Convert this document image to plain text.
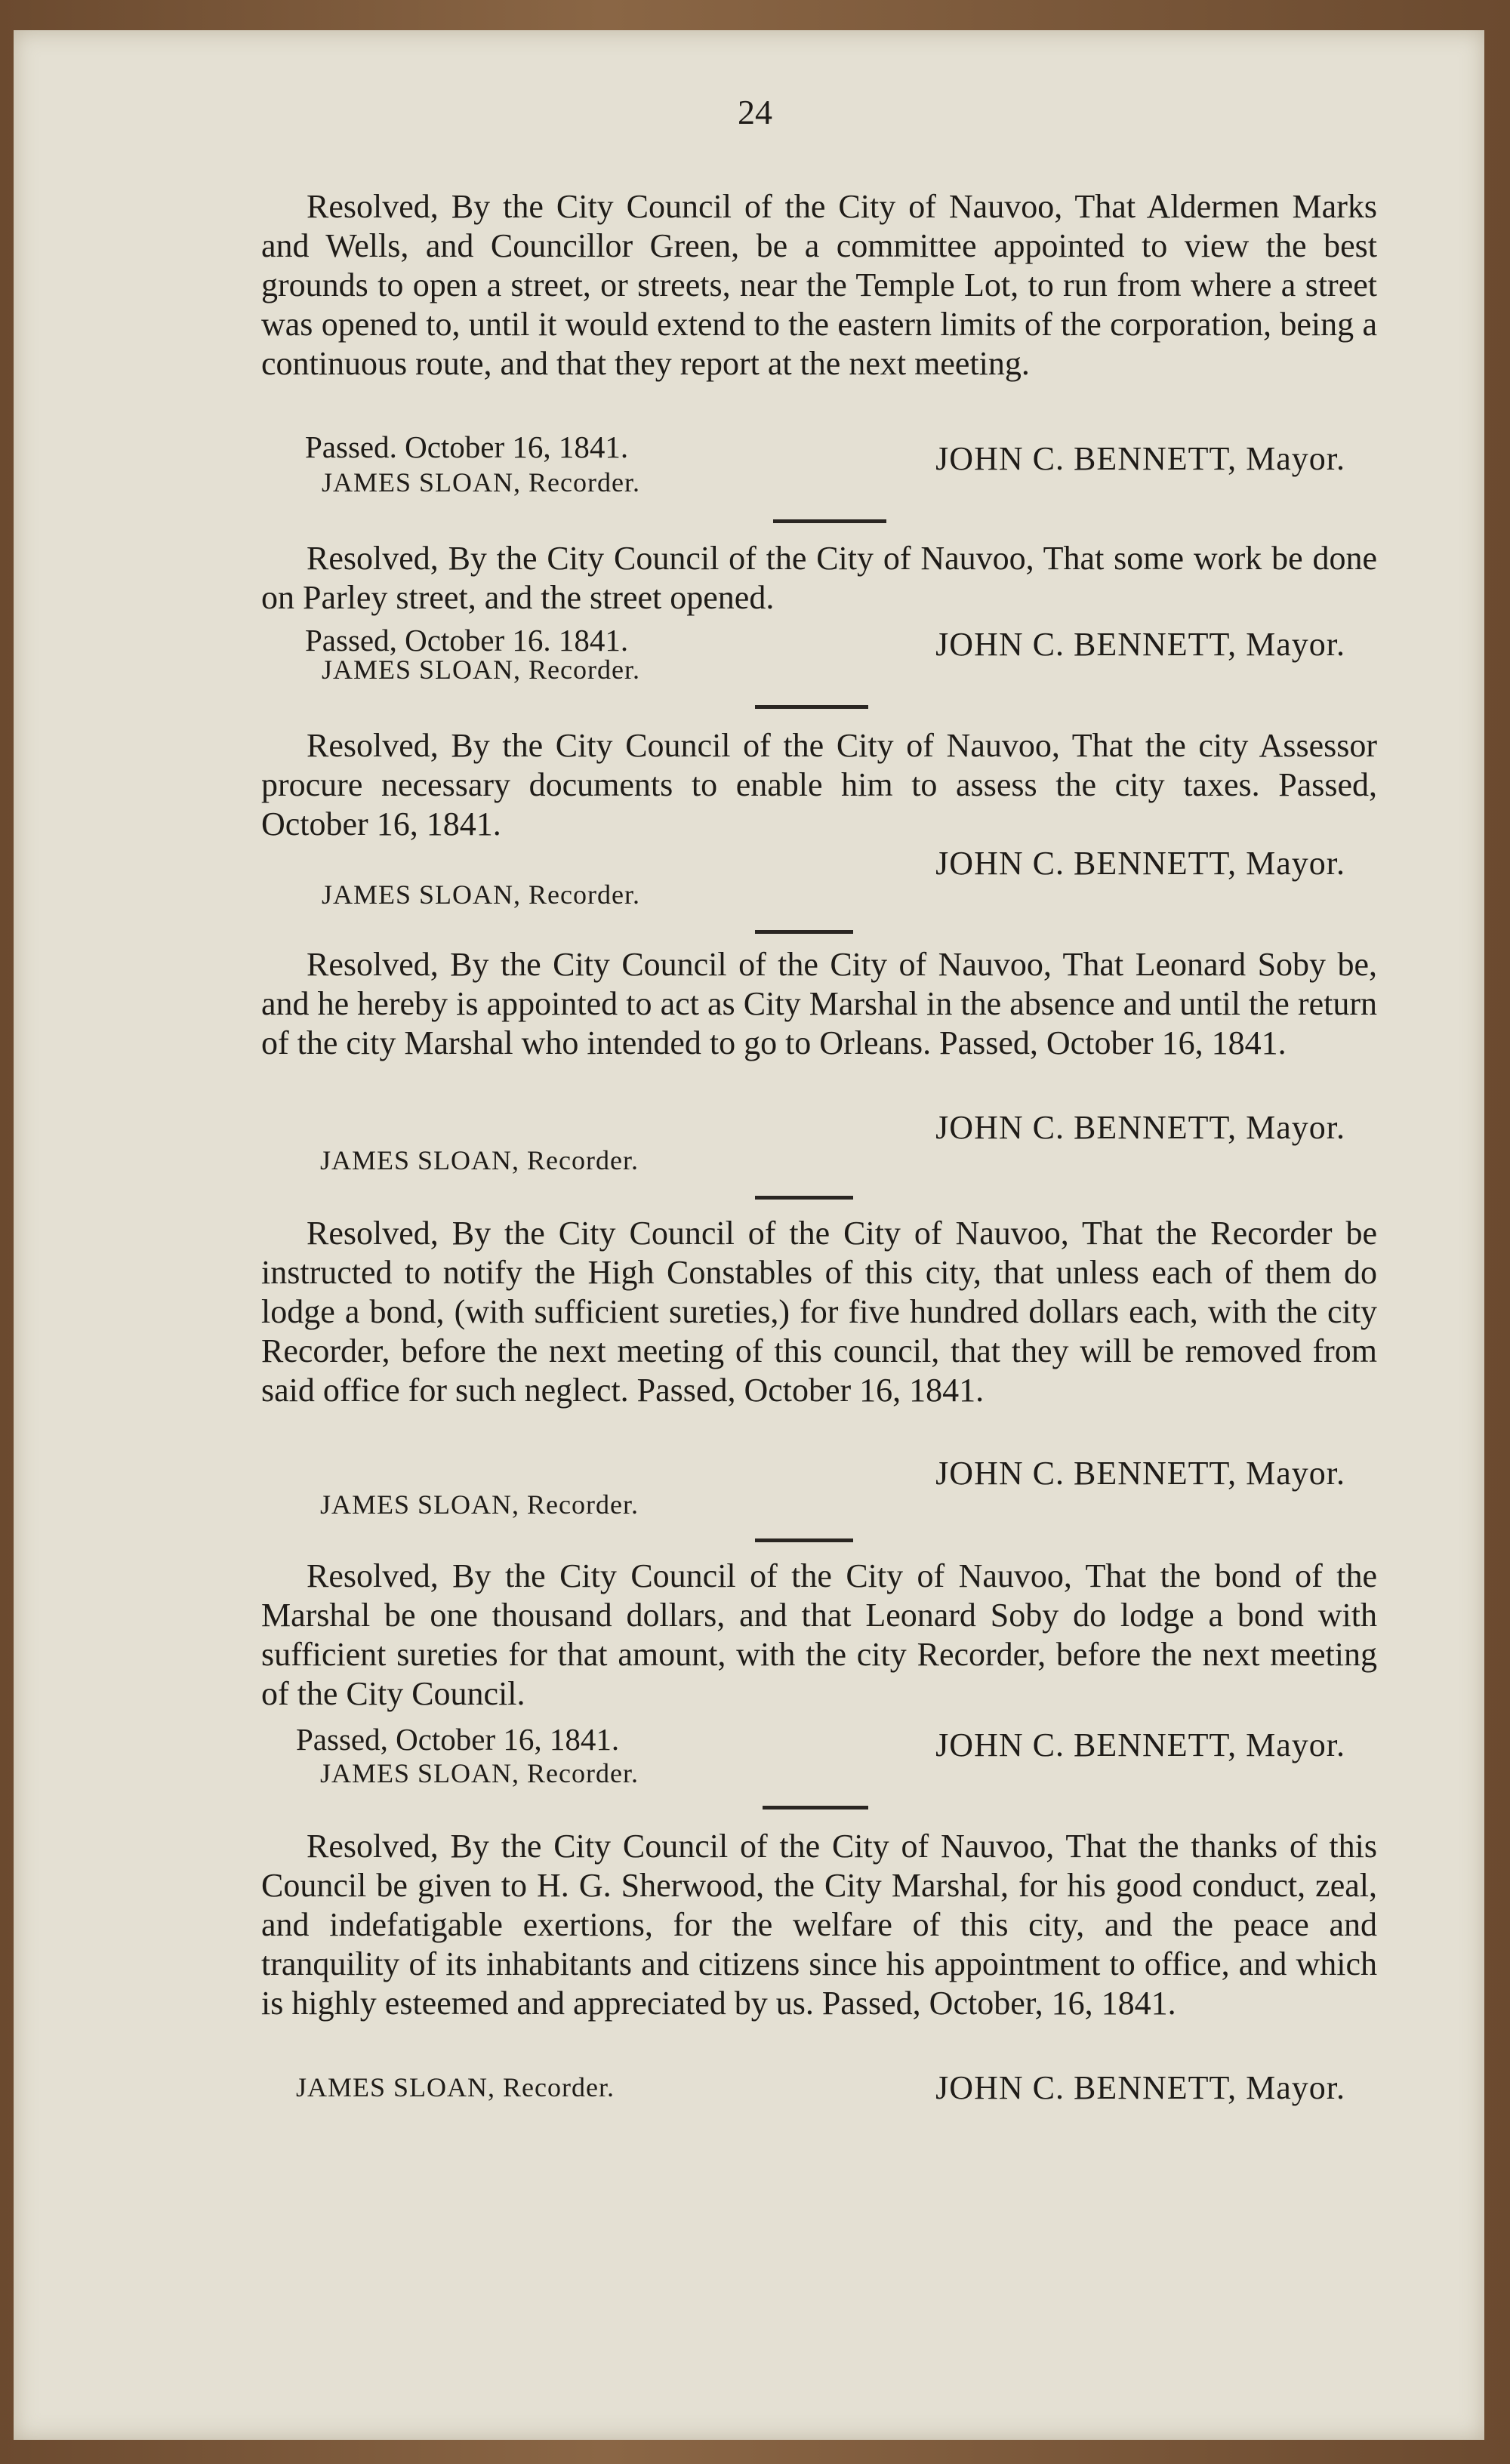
24

Resolved, By the City Council of the City of Nauvoo, That Aldermen Marks and Wells, and Councillor Green, be a committee appointed to view the best grounds to open a street, or streets, near the Temple Lot, to run from where a street was opened to, until it would extend to the eastern limits of the corporation, being a continuous route, and that they report at the next meeting.

Passed. October 16, 1841.	JOHN C. BENNETT, Mayor.
JAMES SLOAN, Recorder.

Resolved, By the City Council of the City of Nauvoo, That some work be done on Parley street, and the street opened.

Passed, October 16. 1841.	JOHN C. BENNETT, Mayor.
JAMES SLOAN, Recorder.

Resolved, By the City Council of the City of Nauvoo, That the city Assessor procure necessary documents to enable him to assess the city taxes. Passed, October 16, 1841.

JOHN C. BENNETT, Mayor.
JAMES SLOAN, Recorder.

Resolved, By the City Council of the City of Nauvoo, That Leonard Soby be, and he hereby is appointed to act as City Marshal in the absence and until the return of the city Marshal who intended to go to Orleans. Passed, October 16, 1841.

JOHN C. BENNETT, Mayor.
JAMES SLOAN, Recorder.

Resolved, By the City Council of the City of Nauvoo, That the Recorder be instructed to notify the High Constables of this city, that unless each of them do lodge a bond, (with sufficient sureties,) for five hundred dollars each, with the city Recorder, before the next meeting of this council, that they will be removed from said office for such neglect. Passed, October 16, 1841.

JOHN C. BENNETT, Mayor.
JAMES SLOAN, Recorder.

Resolved, By the City Council of the City of Nauvoo, That the bond of the Marshal be one thousand dollars, and that Leonard Soby do lodge a bond with sufficient sureties for that amount, with the city Recorder, before the next meeting of the City Council.

Passed, October 16, 1841.	JOHN C. BENNETT, Mayor.
JAMES SLOAN, Recorder.

Resolved, By the City Council of the City of Nauvoo, That the thanks of this Council be given to H. G. Sherwood, the City Marshal, for his good conduct, zeal, and indefatigable exertions, for the welfare of this city, and the peace and tranquility of its inhabitants and citizens since his appointment to office, and which is highly esteemed and appreciated by us. Passed, October, 16, 1841.

JAMES SLOAN, Recorder.	JOHN C. BENNETT, Mayor.
